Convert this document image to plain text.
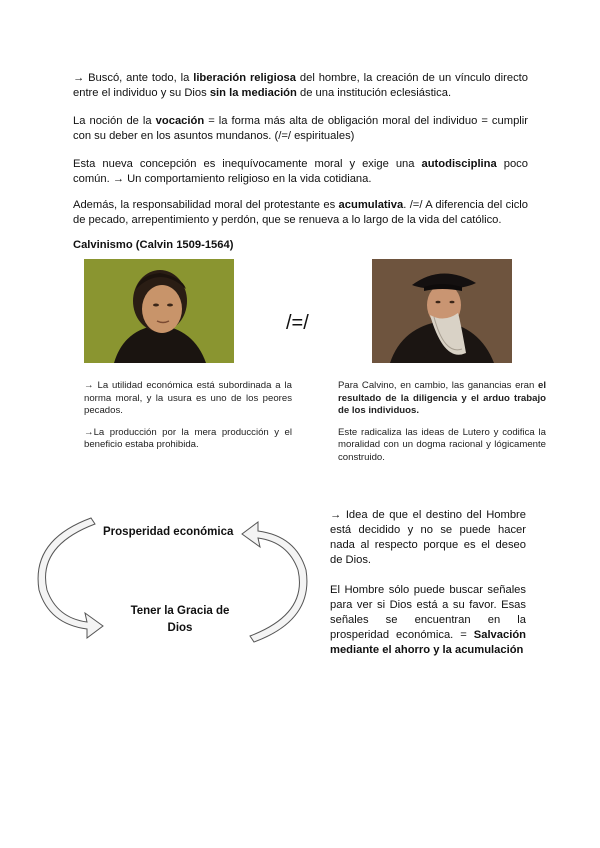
→ Buscó, ante todo, la liberación religiosa del hombre, la creación de un vínculo directo entre el individuo y su Dios sin la mediación de una institución eclesiástica.
La noción de la vocación = la forma más alta de obligación moral del individuo = cumplir con su deber en los asuntos mundanos. (/=/ espirituales)
Esta nueva concepción es inequívocamente moral y exige una autodisciplina poco común. → Un comportamiento religioso en la vida cotidiana.
Además, la responsabilidad moral del protestante es acumulativa. /=/ A diferencia del ciclo de pecado, arrepentimiento y perdón, que se renueva a lo largo de la vida del católico.
Calvinismo (Calvin 1509-1564)
/=/

→ La utilidad económica está subordinada a la norma moral, y la usura es uno de los peores pecados.

→La producción por la mera producción y el beneficio estaba prohibida.

Para Calvino, en cambio, las ganancias eran el resultado de la diligencia y el arduo trabajo de los individuos.

Este radicaliza las ideas de Lutero y codifica la moralidad con un dogma racional y lógicamente construido.

Prosperidad económica
Tener la Gracia de
Dios

→ Idea de que el destino del Hombre está decidido y no se puede hacer nada al respecto porque es el deseo de Dios.

El Hombre sólo puede buscar señales para ver si Dios está a su favor. Esas señales se encuentran en la prosperidad económica. = Salvación mediante el ahorro y la acumulación
